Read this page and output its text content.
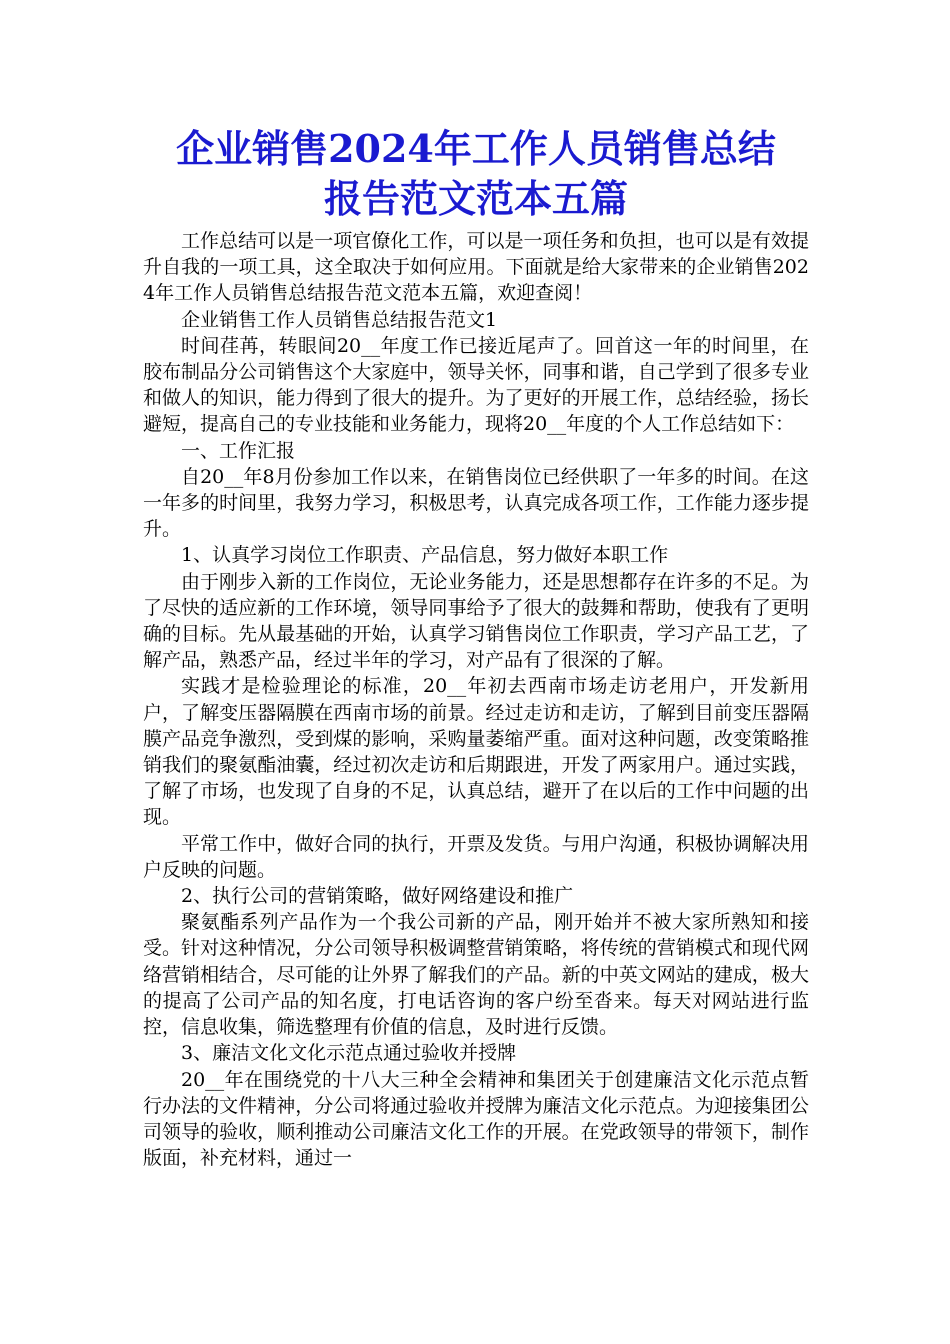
企业销售2024年工作人员销售总结
报告范文范本五篇

工作总结可以是一项官僚化工作，可以是一项任务和负担，也可以是有效提升自我的一项工具，这全取决于如何应用。下面就是给大家带来的企业销售2024年工作人员销售总结报告范文范本五篇，欢迎查阅！

企业销售工作人员销售总结报告范文1

时间荏苒，转眼间20__年度工作已接近尾声了。回首这一年的时间里，在胶布制品分公司销售这个大家庭中，领导关怀，同事和谐，自己学到了很多专业和做人的知识，能力得到了很大的提升。为了更好的开展工作，总结经验，扬长避短，提高自己的专业技能和业务能力，现将20__年度的个人工作总结如下：

一、工作汇报

自20__年8月份参加工作以来，在销售岗位已经供职了一年多的时间。在这一年多的时间里，我努力学习，积极思考，认真完成各项工作，工作能力逐步提升。

1、认真学习岗位工作职责、产品信息，努力做好本职工作

由于刚步入新的工作岗位，无论业务能力，还是思想都存在许多的不足。为了尽快的适应新的工作环境，领导同事给予了很大的鼓舞和帮助，使我有了更明确的目标。先从最基础的开始，认真学习销售岗位工作职责，学习产品工艺，了解产品，熟悉产品，经过半年的学习，对产品有了很深的了解。

实践才是检验理论的标准，20__年初去西南市场走访老用户，开发新用户，了解变压器隔膜在西南市场的前景。经过走访和走访，了解到目前变压器隔膜产品竞争激烈，受到煤的影响，采购量萎缩严重。面对这种问题，改变策略推销我们的聚氨酯油囊，经过初次走访和后期跟进，开发了两家用户。通过实践，了解了市场，也发现了自身的不足，认真总结，避开了在以后的工作中问题的出现。

平常工作中，做好合同的执行，开票及发货。与用户沟通，积极协调解决用户反映的问题。

2、执行公司的营销策略，做好网络建设和推广

聚氨酯系列产品作为一个我公司新的产品，刚开始并不被大家所熟知和接受。针对这种情况，分公司领导积极调整营销策略，将传统的营销模式和现代网络营销相结合，尽可能的让外界了解我们的产品。新的中英文网站的建成，极大的提高了公司产品的知名度，打电话咨询的客户纷至沓来。每天对网站进行监控，信息收集，筛选整理有价值的信息，及时进行反馈。

3、廉洁文化文化示范点通过验收并授牌

20__年在围绕党的十八大三种全会精神和集团关于创建廉洁文化示范点暂行办法的文件精神，分公司将通过验收并授牌为廉洁文化示范点。为迎接集团公司领导的验收，顺利推动公司廉洁文化工作的开展。在党政领导的带领下，制作版面，补充材料，通过一
